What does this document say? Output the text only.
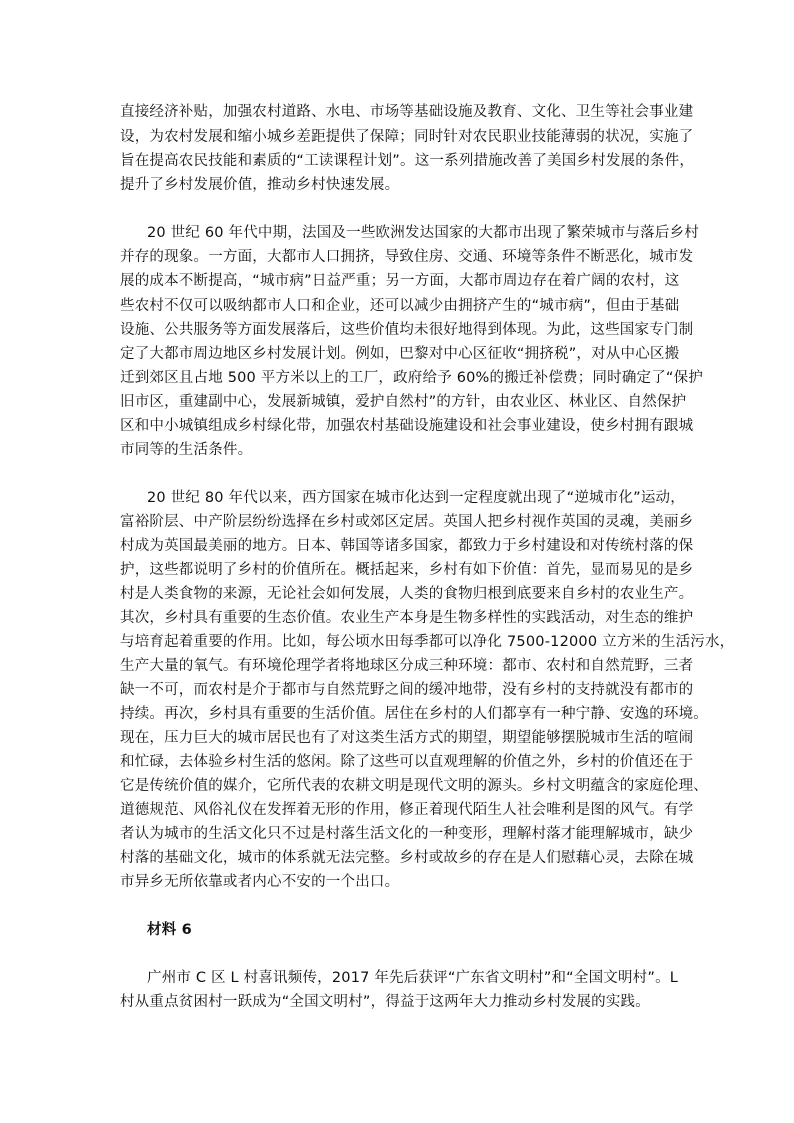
直接经济补贴，加强农村道路、水电、市场等基础设施及教育、文化、卫生等社会事业建
设，为农村发展和缩小城乡差距提供了保障；同时针对农民职业技能薄弱的状况，实施了
旨在提高农民技能和素质的“工读课程计划”。这一系列措施改善了美国乡村发展的条件，
提升了乡村发展价值，推动乡村快速发展。
20 世纪 60 年代中期，法国及一些欧洲发达国家的大都市出现了繁荣城市与落后乡村
并存的现象。一方面，大都市人口拥挤，导致住房、交通、环境等条件不断恶化，城市发
展的成本不断提高，“城市病”日益严重；另一方面，大都市周边存在着广阔的农村，这
些农村不仅可以吸纳都市人口和企业，还可以减少由拥挤产生的“城市病”，但由于基础
设施、公共服务等方面发展落后，这些价值均未很好地得到体现。为此，这些国家专门制
定了大都市周边地区乡村发展计划。例如，巴黎对中心区征收“拥挤税”，对从中心区搬
迁到郊区且占地 500 平方米以上的工厂，政府给予 60%的搬迁补偿费；同时确定了“保护
旧市区，重建副中心，发展新城镇，爱护自然村”的方针，由农业区、林业区、自然保护
区和中小城镇组成乡村绿化带，加强农村基础设施建设和社会事业建设，使乡村拥有跟城
市同等的生活条件。
20 世纪 80 年代以来，西方国家在城市化达到一定程度就出现了“逆城市化”运动，
富裕阶层、中产阶层纷纷选择在乡村或郊区定居。英国人把乡村视作英国的灵魂，美丽乡
村成为英国最美丽的地方。日本、韩国等诸多国家，都致力于乡村建设和对传统村落的保
护，这些都说明了乡村的价值所在。概括起来，乡村有如下价值：首先，显而易见的是乡
村是人类食物的来源，无论社会如何发展，人类的食物归根到底要来自乡村的农业生产。
其次，乡村具有重要的生态价值。农业生产本身是生物多样性的实践活动，对生态的维护
与培育起着重要的作用。比如，每公顷水田每季都可以净化 7500-12000 立方米的生活污水，
生产大量的氧气。有环境伦理学者将地球区分成三种环境：都市、农村和自然荒野，三者
缺一不可，而农村是介于都市与自然荒野之间的缓冲地带，没有乡村的支持就没有都市的
持续。再次，乡村具有重要的生活价值。居住在乡村的人们都享有一种宁静、安逸的环境。
现在，压力巨大的城市居民也有了对这类生活方式的期望，期望能够摆脱城市生活的喧闹
和忙碌，去体验乡村生活的悠闲。除了这些可以直观理解的价值之外，乡村的价值还在于
它是传统价值的媒介，它所代表的农耕文明是现代文明的源头。乡村文明蕴含的家庭伦理、
道德规范、风俗礼仪在发挥着无形的作用，修正着现代陌生人社会唯利是图的风气。有学
者认为城市的生活文化只不过是村落生活文化的一种变形，理解村落才能理解城市，缺少
村落的基础文化，城市的体系就无法完整。乡村或故乡的存在是人们慰藉心灵，去除在城
市异乡无所依靠或者内心不安的一个出口。
材料 6
广州市 C 区 L 村喜讯频传，2017 年先后获评“广东省文明村”和“全国文明村”。L
村从重点贫困村一跃成为“全国文明村”，得益于这两年大力推动乡村发展的实践。
